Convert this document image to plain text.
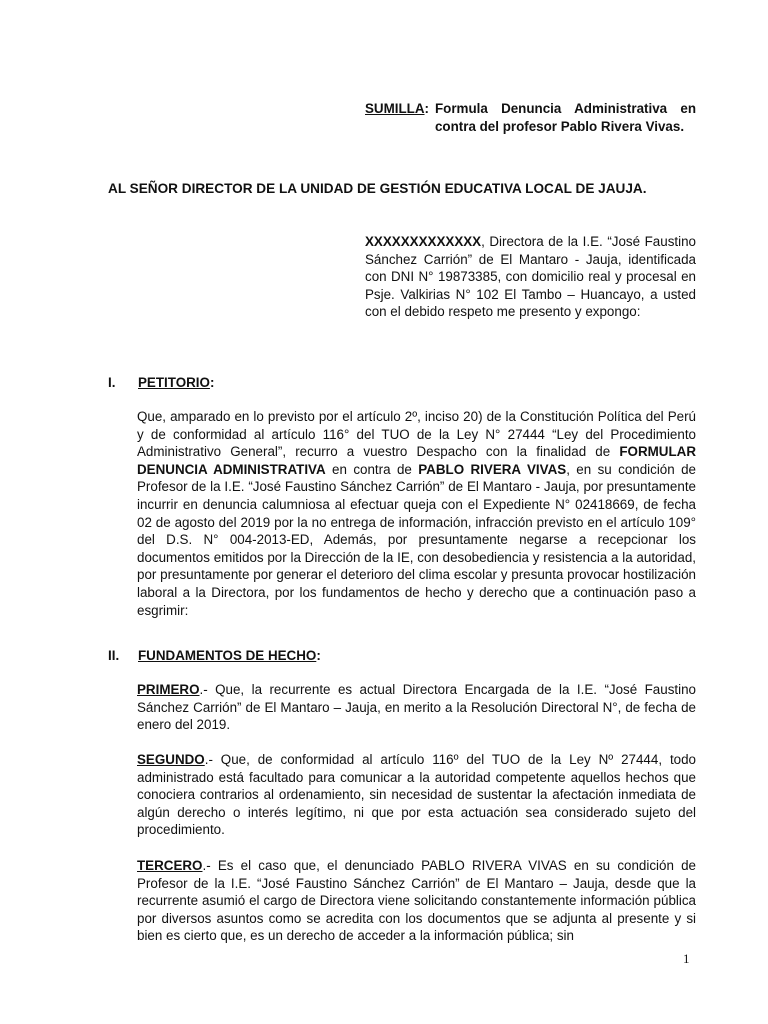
SUMILLA : Formula Denuncia Administrativa en contra del profesor Pablo Rivera Vivas.
AL SEÑOR DIRECTOR DE LA UNIDAD DE GESTIÓN EDUCATIVA LOCAL DE JAUJA.
XXXXXXXXXXXXX, Directora de la I.E. “José Faustino Sánchez Carrión” de El Mantaro - Jauja, identificada con DNI N° 19873385, con domicilio real y procesal en Psje. Valkirias N° 102 El Tambo – Huancayo, a usted con el debido respeto me presento y expongo:
I.	PETITORIO :
Que, amparado en lo previsto por el artículo 2º, inciso 20) de la Constitución Política del Perú y de conformidad al artículo 116° del TUO de la Ley N° 27444 “Ley del Procedimiento Administrativo General”, recurro a vuestro Despacho con la finalidad de FORMULAR DENUNCIA ADMINISTRATIVA en contra de PABLO RIVERA VIVAS, en su condición de Profesor de la I.E. “José Faustino Sánchez Carrión” de El Mantaro - Jauja, por presuntamente incurrir en denuncia calumniosa al efectuar queja con el Expediente N° 02418669, de fecha 02 de agosto del 2019 por la no entrega de información, infracción previsto en el artículo 109° del D.S. N° 004-2013-ED, Además, por presuntamente negarse a recepcionar los documentos emitidos por la Dirección de la IE, con desobediencia y resistencia a la autoridad, por presuntamente por generar el deterioro del clima escolar y presunta provocar hostilización laboral a la Directora, por los fundamentos de hecho y derecho que a continuación paso a esgrimir:
II.	FUNDAMENTOS DE HECHO :
PRIMERO.- Que, la recurrente es actual Directora Encargada de la I.E. “José Faustino Sánchez Carrión” de El Mantaro – Jauja, en merito a la Resolución Directoral N°, de fecha de enero del 2019.
SEGUNDO.- Que, de conformidad al artículo 116º del TUO de la Ley Nº 27444, todo administrado está facultado para comunicar a la autoridad competente aquellos hechos que conociera contrarios al ordenamiento, sin necesidad de sustentar la afectación inmediata de algún derecho o interés legítimo, ni que por esta actuación sea considerado sujeto del procedimiento.
TERCERO.- Es el caso que, el denunciado PABLO RIVERA VIVAS en su condición de Profesor de la I.E. “José Faustino Sánchez Carrión” de El Mantaro – Jauja, desde que la recurrente asumió el cargo de Directora viene solicitando constantemente información pública por diversos asuntos como se acredita con los documentos que se adjunta al presente y si bien es cierto que, es un derecho de acceder a la información pública; sin
1
